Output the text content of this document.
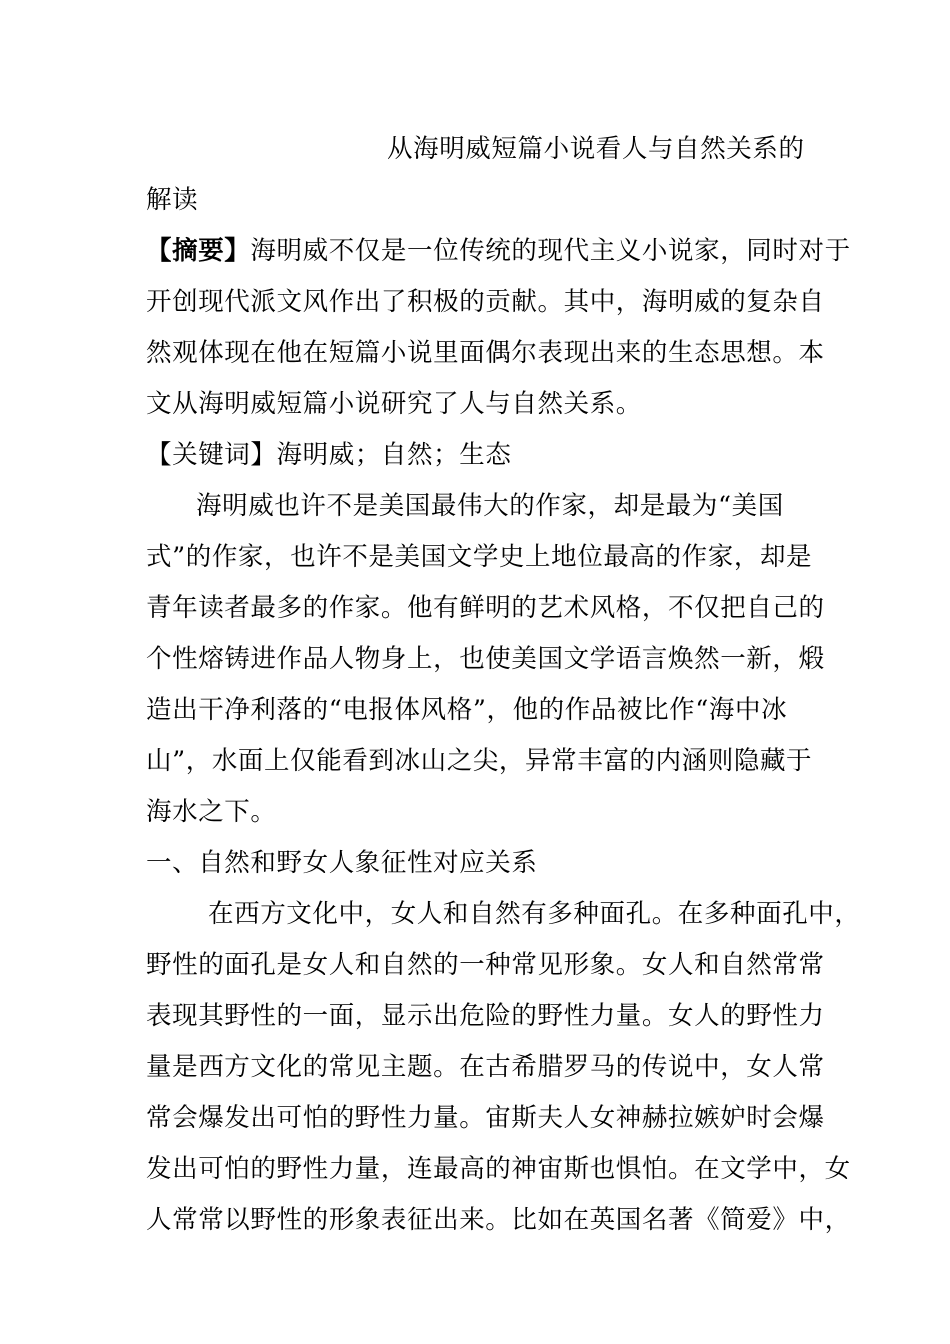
从海明威短篇小说看人与自然关系的
解读
【摘要】海明威不仅是一位传统的现代主义小说家，同时对于
开创现代派文风作出了积极的贡献。其中，海明威的复杂自
然观体现在他在短篇小说里面偶尔表现出来的生态思想。本
文从海明威短篇小说研究了人与自然关系。
【关键词】海明威；自然；生态
海明威也许不是美国最伟大的作家，却是最为“美国
式”的作家，也许不是美国文学史上地位最高的作家，却是
青年读者最多的作家。他有鲜明的艺术风格，不仅把自己的
个性熔铸进作品人物身上，也使美国文学语言焕然一新，煅
造出干净利落的“电报体风格”，他的作品被比作“海中冰
山”，水面上仅能看到冰山之尖，异常丰富的内涵则隐藏于
海水之下。
一、自然和野女人象征性对应关系
在西方文化中，女人和自然有多种面孔。在多种面孔中，
野性的面孔是女人和自然的一种常见形象。女人和自然常常
表现其野性的一面，显示出危险的野性力量。女人的野性力
量是西方文化的常见主题。在古希腊罗马的传说中，女人常
常会爆发出可怕的野性力量。宙斯夫人女神赫拉嫉妒时会爆
发出可怕的野性力量，连最高的神宙斯也惧怕。在文学中，女
人常常以野性的形象表征出来。比如在英国名著《简爱》中，
